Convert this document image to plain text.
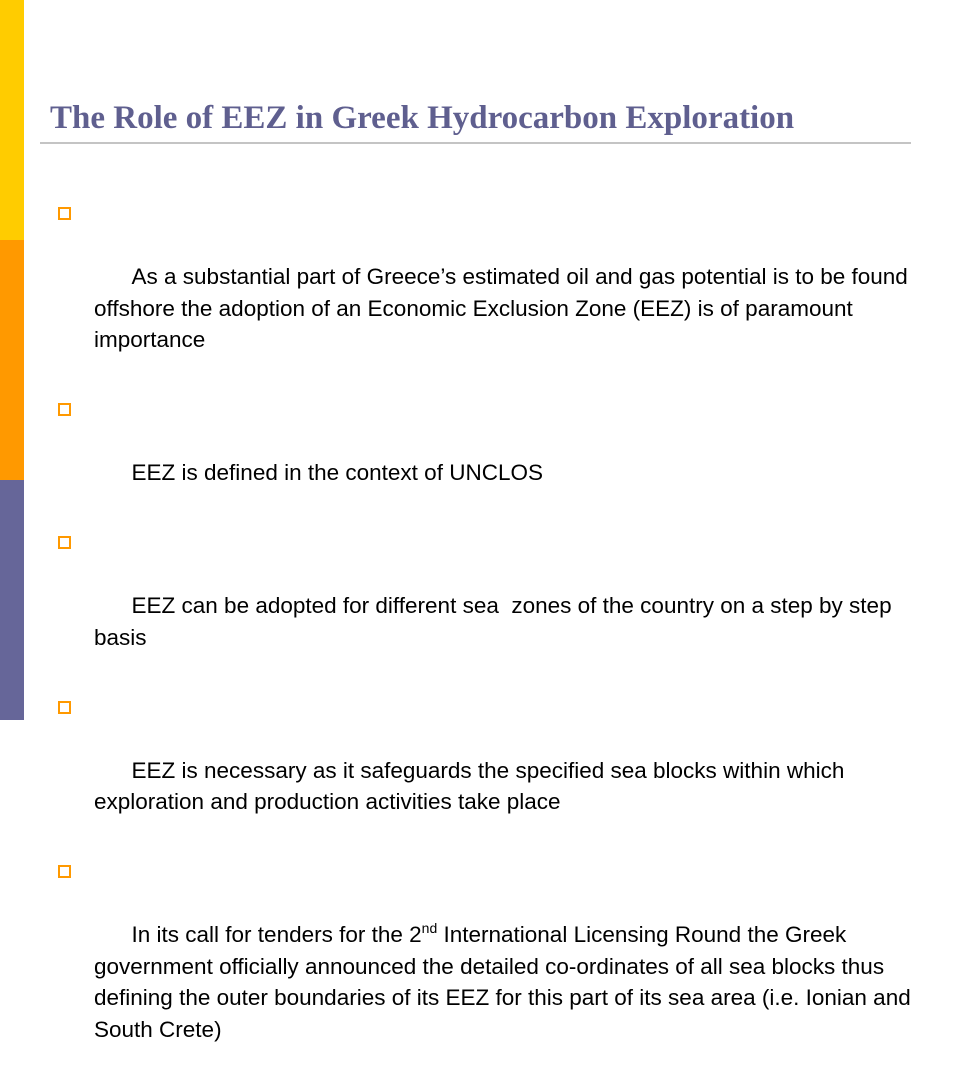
The Role of EEZ in Greek Hydrocarbon Exploration

As a substantial part of Greece’s estimated oil and gas potential is to be found  offshore the adoption of an Economic Exclusion Zone (EEZ) is of paramount importance

EEZ is defined in the context of UNCLOS

EEZ can be adopted for different sea  zones of the country on a step by step basis

EEZ is necessary as it safeguards the specified sea blocks within which exploration and production activities take place

In its call for tenders for the 2nd International Licensing Round the Greek government officially announced the detailed co-ordinates of all sea blocks thus defining the outer boundaries of its EEZ for this part of its sea area (i.e. Ionian and South Crete)
